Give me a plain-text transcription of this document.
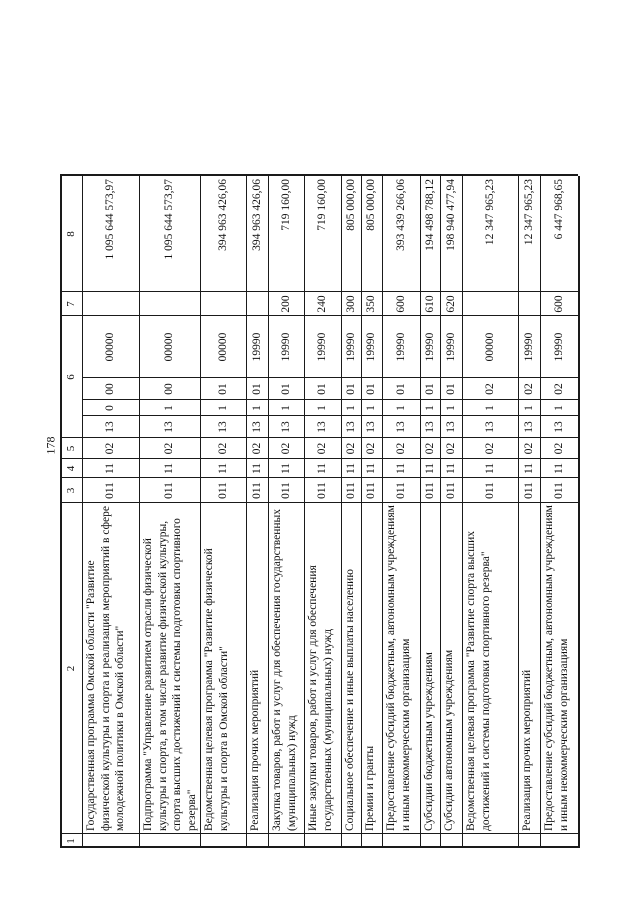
178
1
2
3
4
5
6
7
8
Государственная программа Омской области "Развитие физической культуры и спорта и реализация мероприятий в сфере молодежной политики в Омской области"
011
11
02
13
0
00
00000
1 095 644 573,97
Подпрограмма "Управление развитием отрасли физической культуры и спорта, в том числе развитие физической культуры, спорта высших достижений и системы подготовки спортивного резерва"
011
11
02
13
1
00
00000
1 095 644 573,97
Ведомственная целевая программа "Развитие физической культуры и спорта в Омской области"
011
11
02
13
1
01
00000
394 963 426,06
Реализация прочих мероприятий
011
11
02
13
1
01
19990
394 963 426,06
Закупка товаров, работ и услуг для обеспечения государственных (муниципальных) нужд
011
11
02
13
1
01
19990
200
719 160,00
Иные закупки товаров, работ и услуг для обеспечения государственных (муниципальных) нужд
011
11
02
13
1
01
19990
240
719 160,00
Социальное обеспечение и иные выплаты населению
011
11
02
13
1
01
19990
300
805 000,00
Премии и гранты
011
11
02
13
1
01
19990
350
805 000,00
Предоставление субсидий бюджетным, автономным учреждениям и иным некоммерческим организациям
011
11
02
13
1
01
19990
600
393 439 266,06
Субсидии бюджетным учреждениям
011
11
02
13
1
01
19990
610
194 498 788,12
Субсидии автономным учреждениям
011
11
02
13
1
01
19990
620
198 940 477,94
Ведомственная целевая программа "Развитие спорта высших достижений и системы подготовки спортивного резерва"
011
11
02
13
1
02
00000
12 347 965,23
Реализация прочих мероприятий
011
11
02
13
1
02
19990
12 347 965,23
Предоставление субсидий бюджетным, автономным учреждениям и иным некоммерческим организациям
011
11
02
13
1
02
19990
600
6 447 968,65
